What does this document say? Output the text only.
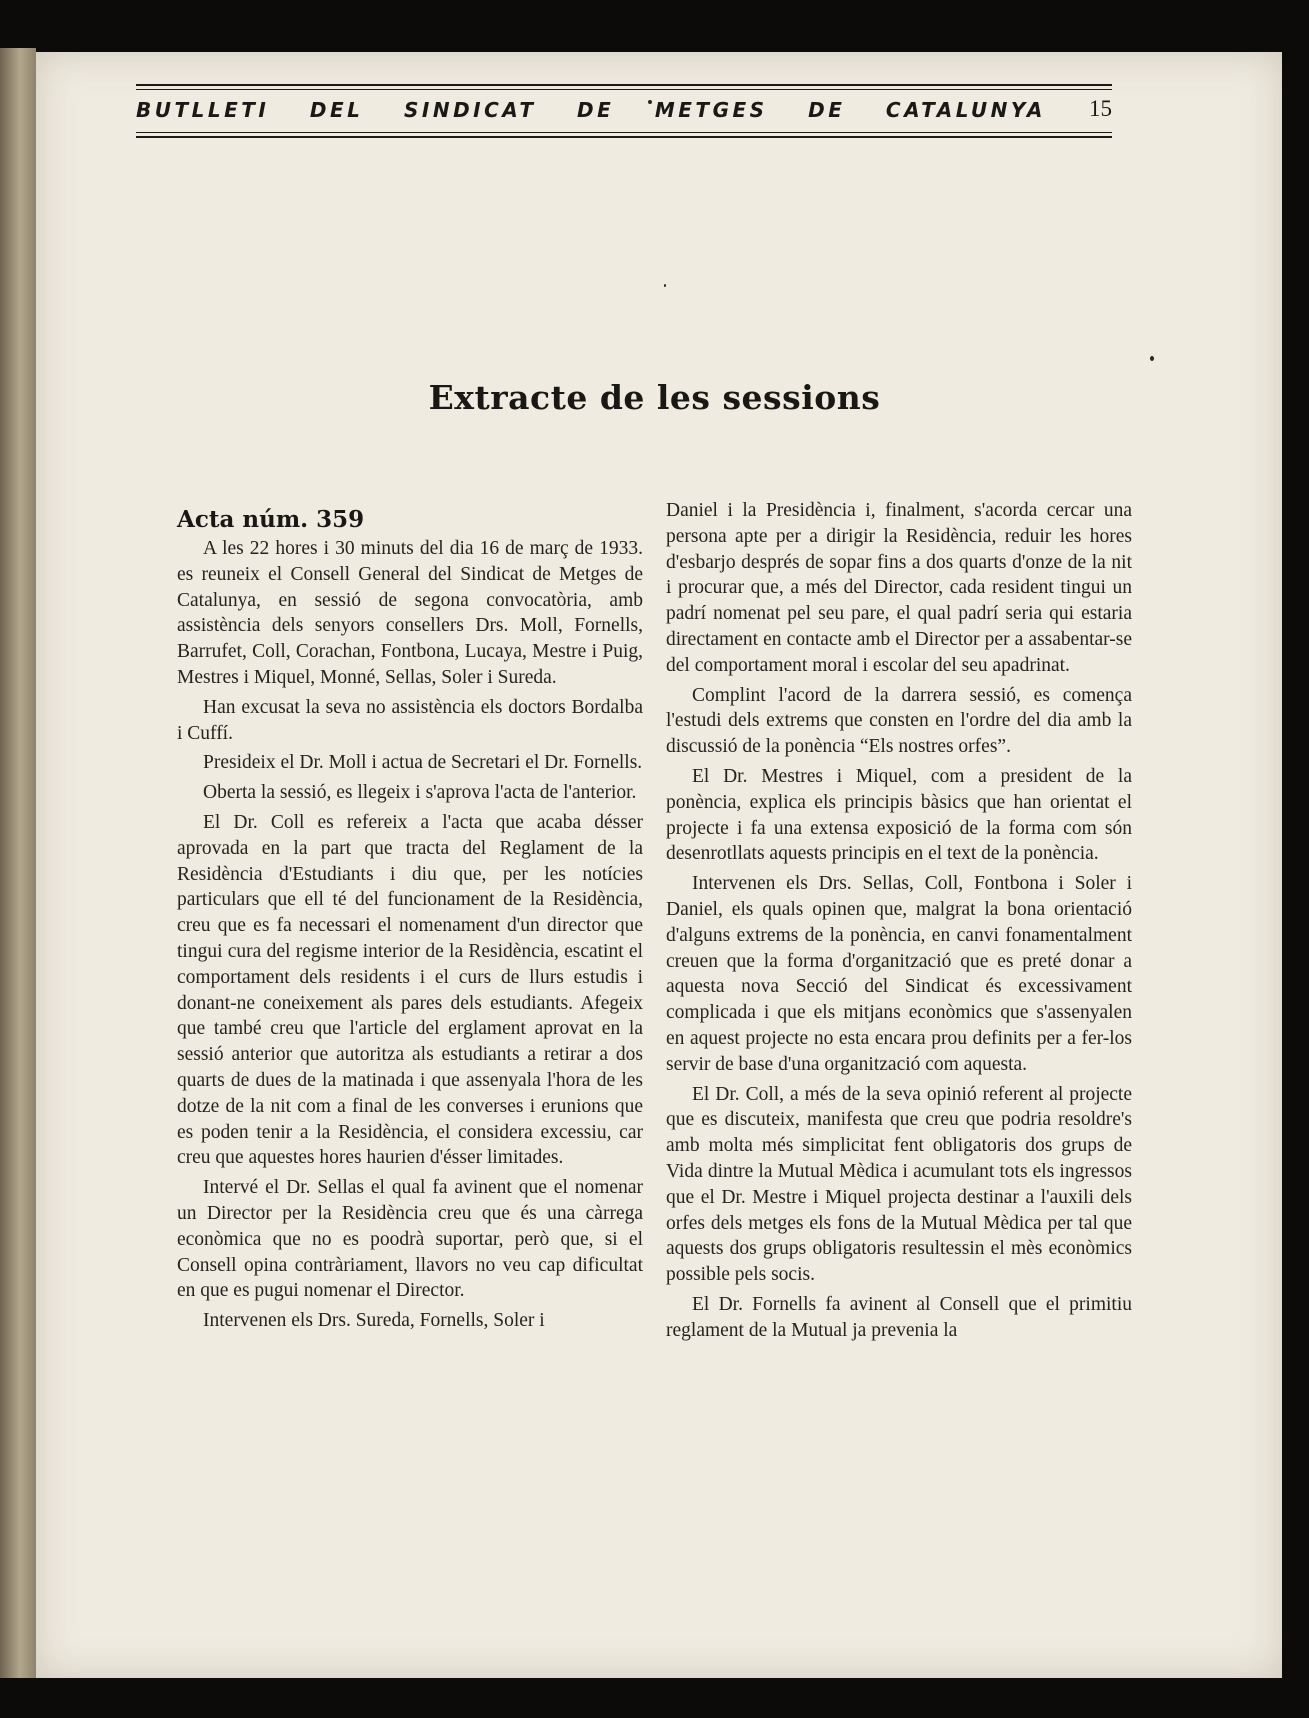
BUTLLETI DEL SINDICAT DE METGES DE CATALUNYA 15
Extracte de les sessions
Acta núm. 359

A les 22 hores i 30 minuts del dia 16 de març de 1933. es reuneix el Consell General del Sindicat de Metges de Catalunya, en sessió de segona convocatòria, amb assistència dels senyors consellers Drs. Moll, Fornells, Barrufet, Coll, Corachan, Fontbona, Lucaya, Mestre i Puig, Mestres i Miquel, Monné, Sellas, Soler i Sureda.

Han excusat la seva no assistència els doctors Bordalba i Cuffí.

Presideix el Dr. Moll i actua de Secretari el Dr. Fornells.

Oberta la sessió, es llegeix i s'aprova l'acta de l'anterior.

El Dr. Coll es refereix a l'acta que acaba désser aprovada en la part que tracta del Reglament de la Residència d'Estudiants i diu que, per les notícies particulars que ell té del funcionament de la Residència, creu que es fa necessari el nomenament d'un director que tingui cura del regisme interior de la Residència, escatint el comportament dels residents i el curs de llurs estudis i donant-ne coneixement als pares dels estudiants. Afegeix que també creu que l'article del erglament aprovat en la sessió anterior que autoritza als estudiants a retirar a dos quarts de dues de la matinada i que assenyala l'hora de les dotze de la nit com a final de les converses i erunions que es poden tenir a la Residència, el considera excessiu, car creu que aquestes hores haurien d'ésser limitades.

Intervé el Dr. Sellas el qual fa avinent que el nomenar un Director per la Residència creu que és una càrrega econòmica que no es poodrà suportar, però que, si el Consell opina contràriament, llavors no veu cap dificultat en que es pugui nomenar el Director.

Intervenen els Drs. Sureda, Fornells, Soler i

Daniel i la Presidència i, finalment, s'acorda cercar una persona apte per a dirigir la Residència, reduir les hores d'esbarjo després de sopar fins a dos quarts d'onze de la nit i procurar que, a més del Director, cada resident tingui un padrí nomenat pel seu pare, el qual padrí seria qui estaria directament en contacte amb el Director per a assabentar-se del comportament moral i escolar del seu apadrinat.

Complint l'acord de la darrera sessió, es comença l'estudi dels extrems que consten en l'ordre del dia amb la discussió de la ponència “Els nostres orfes”.

El Dr. Mestres i Miquel, com a president de la ponència, explica els principis bàsics que han orientat el projecte i fa una extensa exposició de la forma com són desenrotllats aquests principis en el text de la ponència.

Intervenen els Drs. Sellas, Coll, Fontbona i Soler i Daniel, els quals opinen que, malgrat la bona orientació d'alguns extrems de la ponència, en canvi fonamentalment creuen que la forma d'organització que es preté donar a aquesta nova Secció del Sindicat és excessivament complicada i que els mitjans econòmics que s'assenyalen en aquest projecte no esta encara prou definits per a fer-los servir de base d'una organització com aquesta.

El Dr. Coll, a més de la seva opinió referent al projecte que es discuteix, manifesta que creu que podria resoldre's amb molta més simplicitat fent obligatoris dos grups de Vida dintre la Mutual Mèdica i acumulant tots els ingressos que el Dr. Mestre i Miquel projecta destinar a l'auxili dels orfes dels metges els fons de la Mutual Mèdica per tal que aquests dos grups obligatoris resultessin el mès econòmics possible pels socis.

El Dr. Fornells fa avinent al Consell que el primitiu reglament de la Mutual ja prevenia la
